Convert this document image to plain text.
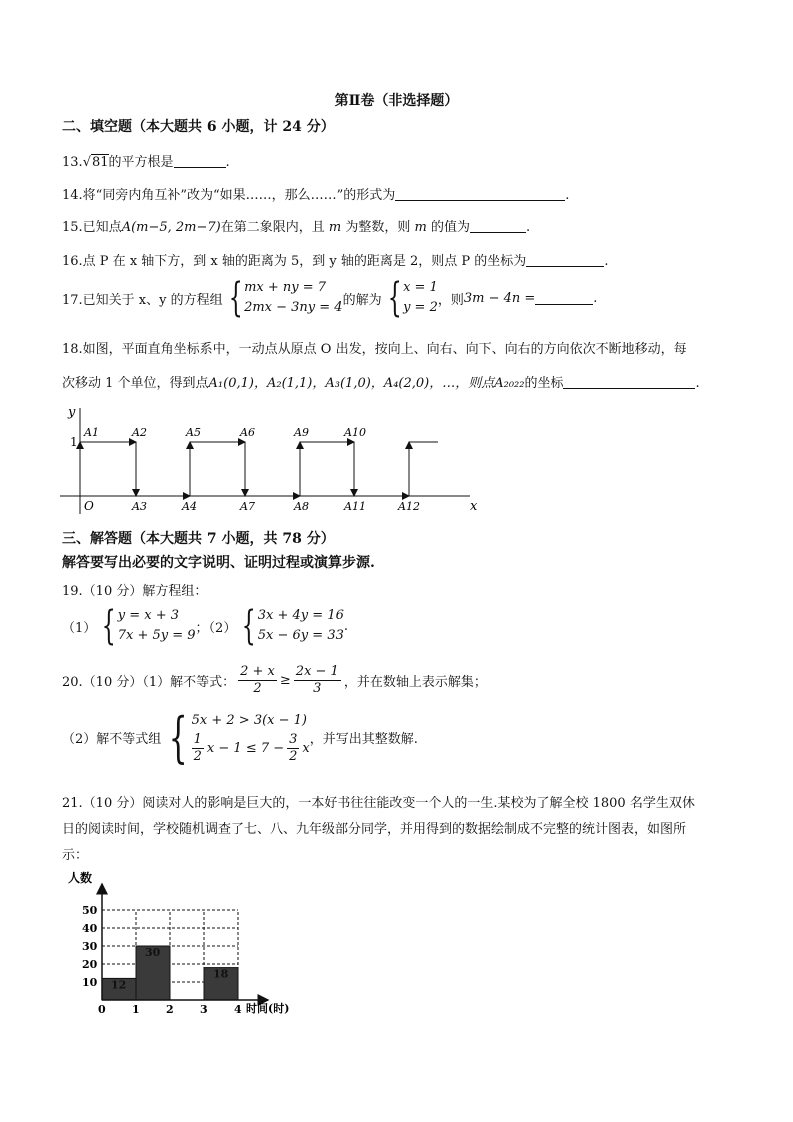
第Ⅱ卷（非选择题）
二、填空题（本大题共 6 小题，计 24 分）
13.√81的平方根是	.
14.将“同旁内角互补”改为“如果……，那么……”的形式为	.
15.已知点A(m−5, 2m−7)在第二象限内，且 m 为整数，则 m 的值为	.
16.点 P 在 x 轴下方，到 x 轴的距离为 5，到 y 轴的距离是 2，则点 P 的坐标为	.
17.已知关于 x、y 的方程组 { mx + ny = 7
2mx − 3ny = 4 的解为 { x = 1
y = 2 ，则 3m − 4n =	.
18.如图，平面直角坐标系中，一动点从原点 O 出发，按向上、向右、向下、向右的方向依次不断地移动，每
次移动 1 个单位，得到点A₁(0,1)，A₂(1,1)，A₃(1,0)，A₄(2,0)，…，则点A₂₀₂₂的坐标	.
x
y
O
1
A1	A2
A3	A4
A5	A6
A7	A8
A9	A10
A11	A12
三、解答题（本大题共 7 小题，共 78 分）
解答要写出必要的文字说明、证明过程或演算步源.
19.（10 分）解方程组：
（1） { y = x + 3
7x + 5y = 9 ；（2） { 3x + 4y = 16
5x − 6y = 33
.
20.（10 分）（1）解不等式： $\frac{2 + x}{2} \ge \frac{2x - 1}{3}$ ，并在数轴上表示解集；
（2）解不等式组 { 5x + 2 > 3(x − 1)
$\frac{1}{2}$ $x - 1 \le 7 - \frac{3}{2}$ x
，并写出其整数解.
21.（10 分）阅读对人的影响是巨大的，一本好书往往能改变一个人的一生.某校为了解全校 1800 名学生双休
日的阅读时间，学校随机调查了七、八、九年级部分同学，并用得到的数据绘制成不完整的统计图表，如图所
示：
人数
时间(时)
10
20
30
40
50
0 1 2 3 4
12
30
18
